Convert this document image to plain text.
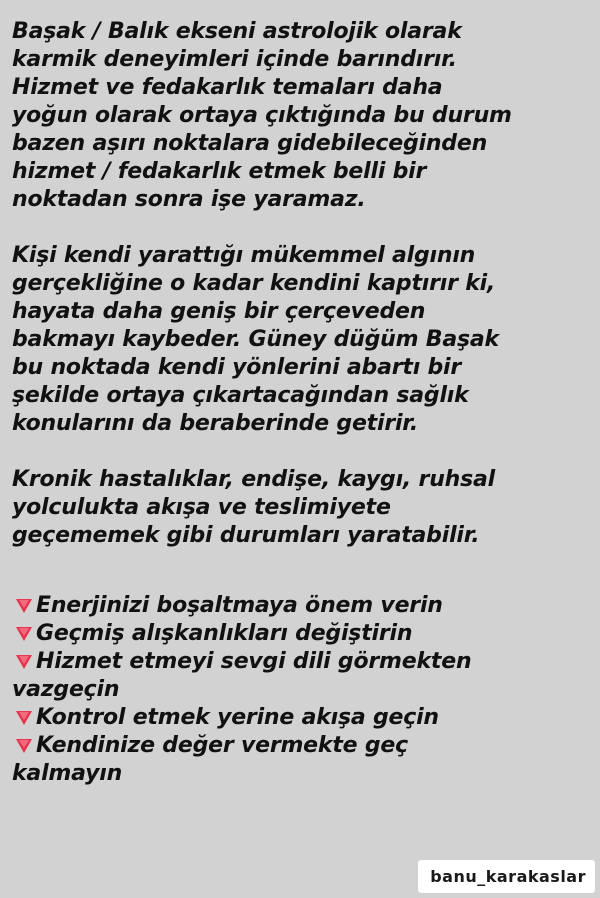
Başak / Balık ekseni astrolojik olarak
karmik deneyimleri içinde barındırır.
Hizmet ve fedakarlık temaları daha
yoğun olarak ortaya çıktığında bu durum
bazen aşırı noktalara gidebileceğinden
hizmet / fedakarlık etmek belli bir
noktadan sonra işe yaramaz.

Kişi kendi yarattığı mükemmel algının
gerçekliğine o kadar kendini kaptırır ki,
hayata daha geniş bir çerçeveden
bakmayı kaybeder. Güney düğüm Başak
bu noktada kendi yönlerini abartı bir
şekilde ortaya çıkartacağından sağlık
konularını da beraberinde getirir.

Kronik hastalıklar, endişe, kaygı, ruhsal
yolculukta akışa ve teslimiyete
geçememek gibi durumları yaratabilir.

Enerjinizi boşaltmaya önem verin
Geçmiş alışkanlıkları değiştirin
Hizmet etmeyi sevgi dili görmekten
vazgeçin
Kontrol etmek yerine akışa geçin
Kendinize değer vermekte geç
kalmayın
banu_karakaslar
